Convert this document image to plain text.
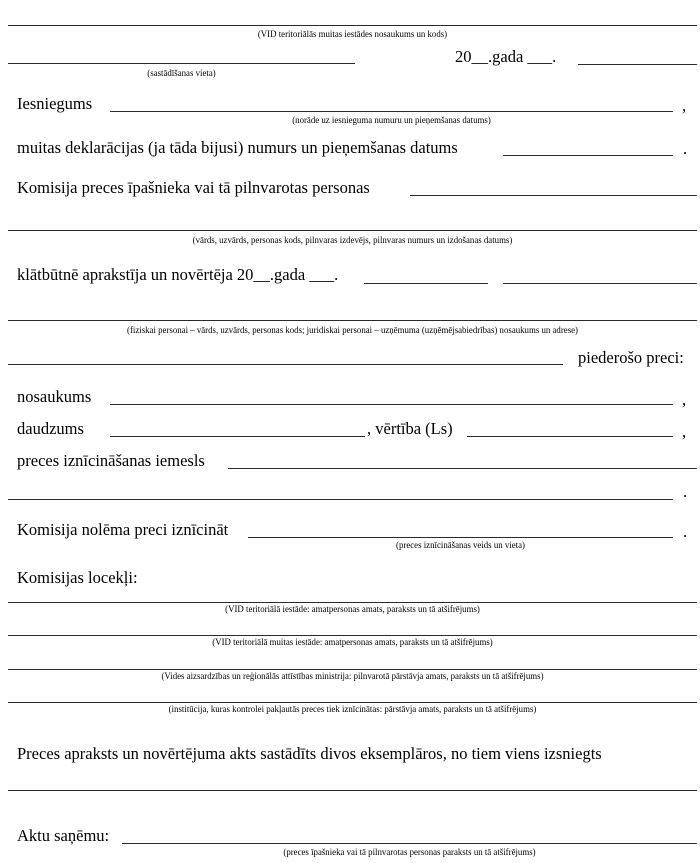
(VID teritoriālās muitas iestādes nosaukums un kods)
(sastādīšanas vieta)
20__.gada ___.
Iesniegums	,
(norāde uz iesnieguma numuru un pieņemšanas datums)
muitas deklarācijas (ja tāda bijusi) numurs un pieņemšanas datums	.
Komisija preces īpašnieka vai tā pilnvarotas personas
(vārds, uzvārds, personas kods, pilnvaras izdevējs, pilnvaras numurs un izdošanas datums)
klātbūtnē aprakstīja un novērtēja 20__.gada ___.
(fiziskai personai – vārds, uzvārds, personas kods; juridiskai personai – uzņēmuma (uzņēmējsabiedrības) nosaukums un adrese)
piederošo preci:
nosaukums	,
daudzums	, vērtība (Ls)	,
preces iznīcināšanas iemesls
.
Komisija nolēma preci iznīcināt	.
(preces iznīcināšanas veids un vieta)
Komisijas locekļi:
(VID teritoriālā iestāde: amatpersonas amats, paraksts un tā atšifrējums)
(VID teritoriālā muitas iestāde: amatpersonas amats, paraksts un tā atšifrējums)
(Vides aizsardzības un reģionālās attīstības ministrija: pilnvarotā pārstāvja amats, paraksts un tā atšifrējums)
(institūcija, kuras kontrolei pakļautās preces tiek iznīcinātas: pārstāvja amats, paraksts un tā atšifrējums)
Preces apraksts un novērtējuma akts sastādīts divos eksemplāros, no tiem viens izsniegts
Aktu saņēmu:
(preces īpašnieka vai tā pilnvarotas personas paraksts un tā atšifrējums)
